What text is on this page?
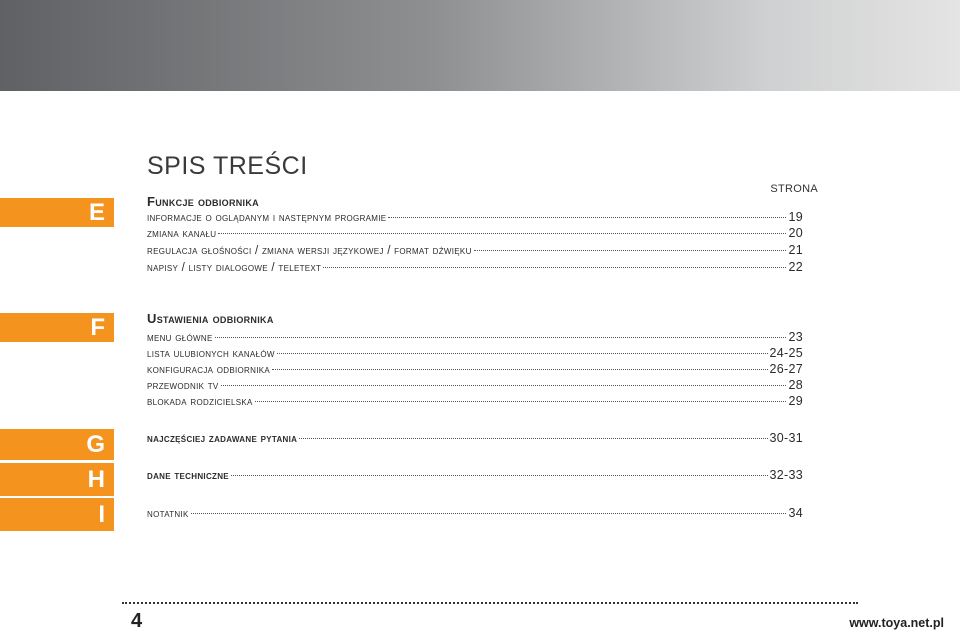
SPIS TREŚCI
STRONA
E	Funkcje odbiornika
informacje o oglądanym i następnym programie	19
zmiana kanału	20
regulacja głośności / zmiana wersji językowej / format dźwięku	21
napisy / listy dialogowe / teletext	22
F	Ustawienia odbiornika
menu główne	23
lista ulubionych kanałów	24-25
konfiguracja odbiornika	26-27
przewodnik tv	28
blokada rodzicielska	29
G
H
I
najczęściej zadawane pytania	30-31
dane techniczne	32-33
notatnik	34
4	www.toya.net.pl
